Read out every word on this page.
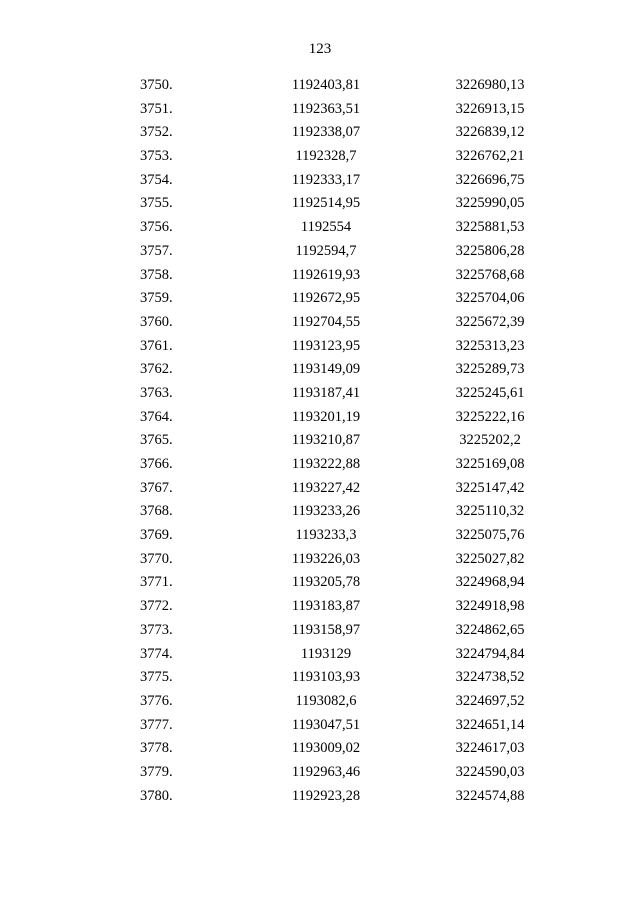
123
3750.	1192403,81	3226980,13
3751.	1192363,51	3226913,15
3752.	1192338,07	3226839,12
3753.	1192328,7	3226762,21
3754.	1192333,17	3226696,75
3755.	1192514,95	3225990,05
3756.	1192554	3225881,53
3757.	1192594,7	3225806,28
3758.	1192619,93	3225768,68
3759.	1192672,95	3225704,06
3760.	1192704,55	3225672,39
3761.	1193123,95	3225313,23
3762.	1193149,09	3225289,73
3763.	1193187,41	3225245,61
3764.	1193201,19	3225222,16
3765.	1193210,87	3225202,2
3766.	1193222,88	3225169,08
3767.	1193227,42	3225147,42
3768.	1193233,26	3225110,32
3769.	1193233,3	3225075,76
3770.	1193226,03	3225027,82
3771.	1193205,78	3224968,94
3772.	1193183,87	3224918,98
3773.	1193158,97	3224862,65
3774.	1193129	3224794,84
3775.	1193103,93	3224738,52
3776.	1193082,6	3224697,52
3777.	1193047,51	3224651,14
3778.	1193009,02	3224617,03
3779.	1192963,46	3224590,03
3780.	1192923,28	3224574,88
